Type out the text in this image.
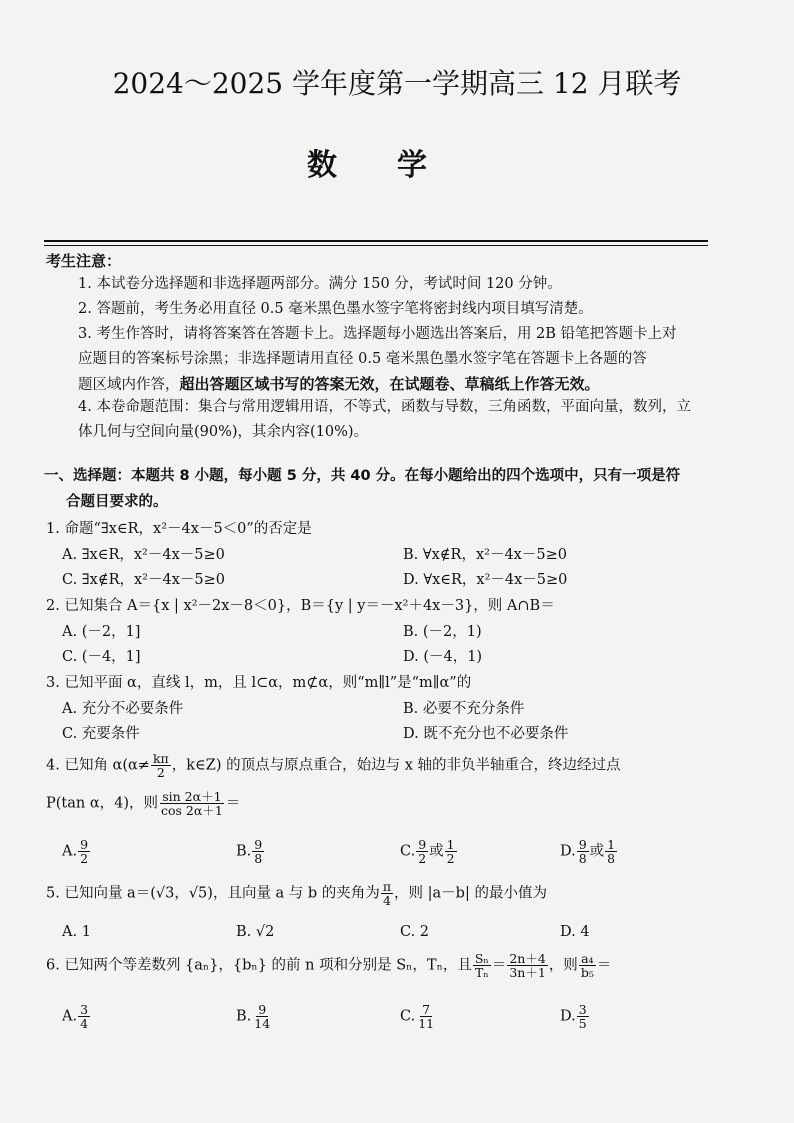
2024～2025 学年度第一学期高三 12 月联考
数学
考生注意：
1. 本试卷分选择题和非选择题两部分。满分 150 分，考试时间 120 分钟。
2. 答题前，考生务必用直径 0.5 毫米黑色墨水签字笔将密封线内项目填写清楚。
3. 考生作答时，请将答案答在答题卡上。选择题每小题选出答案后，用 2B 铅笔把答题卡上对
应题目的答案标号涂黑；非选择题请用直径 0.5 毫米黑色墨水签字笔在答题卡上各题的答
题区域内作答，超出答题区域书写的答案无效，在试题卷、草稿纸上作答无效。
4. 本卷命题范围：集合与常用逻辑用语，不等式，函数与导数，三角函数，平面向量，数列，立
体几何与空间向量(90%)，其余内容(10%)。
一、选择题：本题共 8 小题，每小题 5 分，共 40 分。在每小题给出的四个选项中，只有一项是符
合题目要求的。
1. 命题“∃x∈R，x²－4x－5＜0”的否定是
A. ∃x∈R，x²－4x－5≥0	B. ∀x∉R，x²－4x－5≥0
C. ∃x∉R，x²－4x－5≥0	D. ∀x∈R，x²－4x－5≥0
2. 已知集合 A＝{x | x²－2x－8＜0}，B＝{y | y＝－x²＋4x－3}，则 A∩B＝
A. (－2，1]	B. (－2，1)
C. (－4，1]	D. (－4，1)
3. 已知平面 α，直线 l，m，且 l⊂α，m⊄α，则“m∥l”是“m∥α”的
A. 充分不必要条件	B. 必要不充分条件
C. 充要条件	D. 既不充分也不必要条件
4. 已知角 $\alpha(\alpha\ne \frac{k\pi}{2}$ ，k∈Z) 的顶点与原点重合，始边与 x 轴的非负半轴重合，终边经过点
P(tan α，4)，则 $\frac{\sin 2\alpha+1}{\cos 2\alpha+1}$ ＝
A. $\frac{9}{2}$	B. $\frac{9}{8}$	C. $\frac{9}{2}$ 或 $\frac{1}{2}$	D. $\frac{9}{8}$ 或 $\frac{1}{8}$
5. 已知向量 a＝(√3，√5)，且向量 a 与 b 的夹角为 $\frac{\pi}{4}$ ，则 |a－b| 的最小值为
A. 1	B. √2	C. 2	D. 4
6. 已知两个等差数列 {aₙ}，{bₙ} 的前 n 项和分别是 Sₙ，Tₙ，且 $\frac{\text{Sₙ}}{\text{Tₙ}} = \frac{2n+4}{3n+1}$ ，则 $\frac{\text{a₄}}{\text{b₅}}$ ＝
A. $\frac{3}{4}$	B. $\frac{9}{14}$	C. $\frac{7}{11}$	D. $\frac{3}{5}$
